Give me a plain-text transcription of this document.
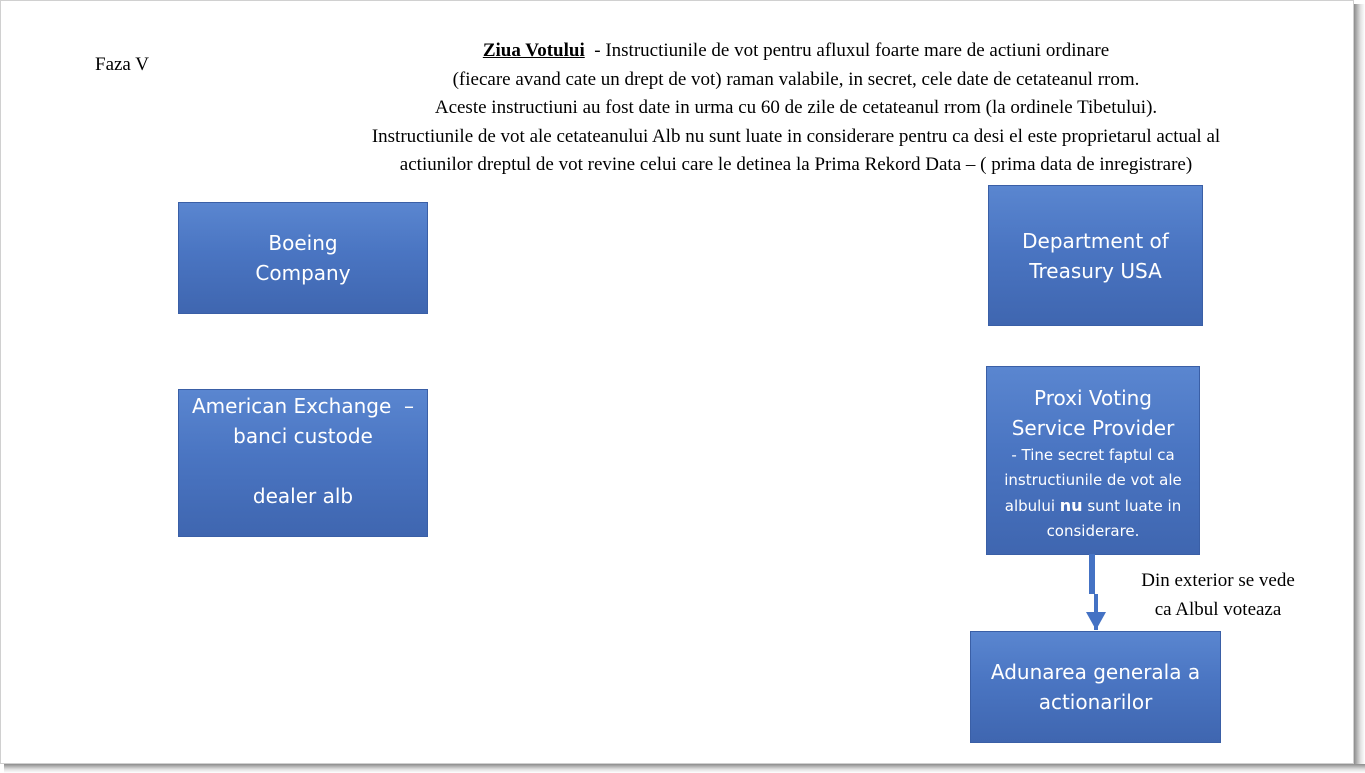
Faza V
Ziua Votului  - Instructiunile de vot pentru afluxul foarte mare de actiuni ordinare
(fiecare avand cate un drept de vot) raman valabile, in secret, cele date de cetateanul rrom.
Aceste instructiuni au fost date in urma cu 60 de zile de cetateanul rrom (la ordinele Tibetului).
Instructiunile de vot ale cetateanului Alb nu sunt luate in considerare pentru ca desi el este proprietarul actual al
actiunilor dreptul de vot revine celui care le detinea la Prima Rekord Data – ( prima data de inregistrare)
Boeing
Company
Department of
Treasury USA
American Exchange  –
banci custode
dealer alb
Proxi Voting
Service Provider
- Tine secret faptul ca
instructiunile de vot ale
albului nu sunt luate in
considerare.
Din exterior se vede
ca Albul voteaza
Adunarea generala a
actionarilor
